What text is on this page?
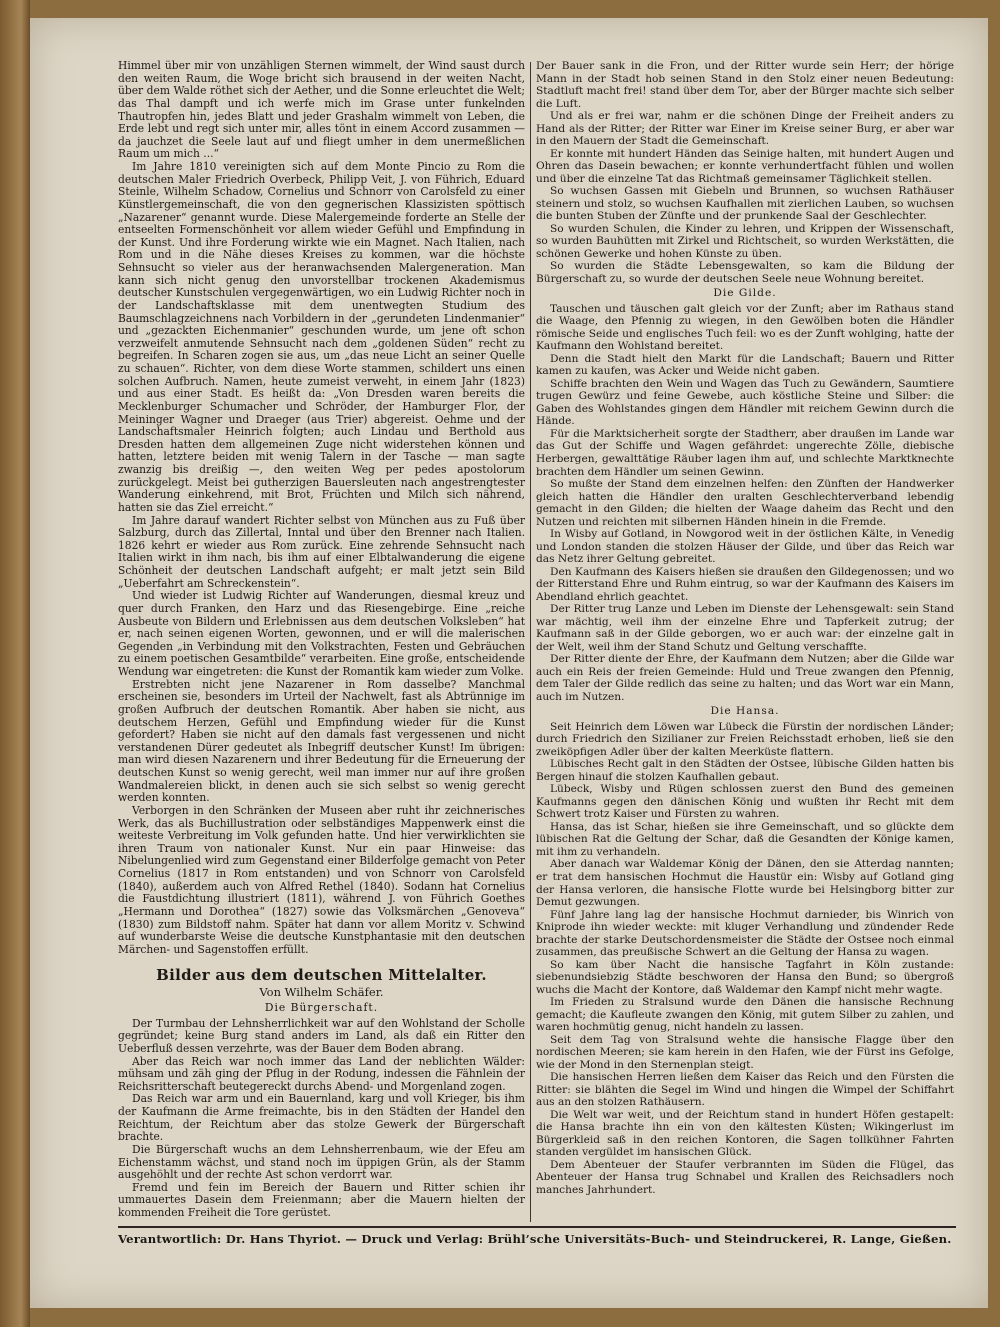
Himmel über mir von unzähligen Sternen wimmelt, der Wind saust durch den weiten Raum, die Woge bricht sich brausend in der weiten Nacht, über dem Walde röthet sich der Aether, und die Sonne erleuchtet die Welt; das Thal dampft und ich werfe mich im Grase unter funkelnden Thautropfen hin, jedes Blatt und jeder Grashalm wimmelt von Leben, die Erde lebt und regt sich unter mir, alles tönt in einem Accord zusammen — da jauchzet die Seele laut auf und fliegt umher in dem unermeßlichen Raum um mich ...“

Im Jahre 1810 vereinigten sich auf dem Monte Pincio zu Rom die deutschen Maler Friedrich Overbeck, Philipp Veit, J. von Führich, Eduard Steinle, Wilhelm Schadow, Cornelius und Schnorr von Carolsfeld zu einer Künstlergemeinschaft, die von den gegnerischen Klassizisten spöttisch „Nazarener“ genannt wurde. Diese Malergemeinde forderte an Stelle der entseelten Formenschönheit vor allem wieder Gefühl und Empfindung in der Kunst. Und ihre Forderung wirkte wie ein Magnet. Nach Italien, nach Rom und in die Nähe dieses Kreises zu kommen, war die höchste Sehnsucht so vieler aus der heranwachsenden Malergeneration. Man kann sich nicht genug den unvorstellbar trockenen Akademismus deutscher Kunstschulen vergegenwärtigen, wo ein Ludwig Richter noch in der Landschaftsklasse mit dem unentwegten Studium des Baumschlagzeichnens nach Vorbildern in der „gerundeten Lindenmanier“ und „gezackten Eichenmanier“ geschunden wurde, um jene oft schon verzweifelt anmutende Sehnsucht nach dem „goldenen Süden“ recht zu begreifen. In Scharen zogen sie aus, um „das neue Licht an seiner Quelle zu schauen“. Richter, von dem diese Worte stammen, schildert uns einen solchen Aufbruch. Namen, heute zumeist verweht, in einem Jahr (1823) und aus einer Stadt. Es heißt da: „Von Dresden waren bereits die Mecklenburger Schumacher und Schröder, der Hamburger Flor, der Meininger Wagner und Draeger (aus Trier) abgereist. Oehme und der Landschaftsmaler Heinrich folgten; auch Lindau und Berthold aus Dresden hatten dem allgemeinen Zuge nicht widerstehen können und hatten, letztere beiden mit wenig Talern in der Tasche — man sagte zwanzig bis dreißig —, den weiten Weg per pedes apostolorum zurückgelegt. Meist bei gutherzigen Bauersleuten nach angestrengtester Wanderung einkehrend, mit Brot, Früchten und Milch sich nährend, hatten sie das Ziel erreicht.“

Im Jahre darauf wandert Richter selbst von München aus zu Fuß über Salzburg, durch das Zillertal, Inntal und über den Brenner nach Italien. 1826 kehrt er wieder aus Rom zurück. Eine zehrende Sehnsucht nach Italien wirkt in ihm nach, bis ihm auf einer Elbtalwanderung die eigene Schönheit der deutschen Landschaft aufgeht; er malt jetzt sein Bild „Ueberfahrt am Schreckenstein“.

Und wieder ist Ludwig Richter auf Wanderungen, diesmal kreuz und quer durch Franken, den Harz und das Riesengebirge. Eine „reiche Ausbeute von Bildern und Erlebnissen aus dem deutschen Volksleben“ hat er, nach seinen eigenen Worten, gewonnen, und er will die malerischen Gegenden „in Verbindung mit den Volkstrachten, Festen und Gebräuchen zu einem poetischen Gesamtbilde“ verarbeiten. Eine große, entscheidende Wendung war eingetreten: die Kunst der Romantik kam wieder zum Volke.

Erstrebten nicht jene Nazarener in Rom dasselbe? Manchmal erscheinen sie, besonders im Urteil der Nachwelt, fast als Abtrünnige im großen Aufbruch der deutschen Romantik. Aber haben sie nicht, aus deutschem Herzen, Gefühl und Empfindung wieder für die Kunst gefordert? Haben sie nicht auf den damals fast vergessenen und nicht verstandenen Dürer gedeutet als Inbegriff deutscher Kunst! Im übrigen: man wird diesen Nazarenern und ihrer Bedeutung für die Erneuerung der deutschen Kunst so wenig gerecht, weil man immer nur auf ihre großen Wandmalereien blickt, in denen auch sie sich selbst so wenig gerecht werden konnten.

Verborgen in den Schränken der Museen aber ruht ihr zeichnerisches Werk, das als Buchillustration oder selbständiges Mappenwerk einst die weiteste Verbreitung im Volk gefunden hatte. Und hier verwirklichten sie ihren Traum von nationaler Kunst. Nur ein paar Hinweise: das Nibelungenlied wird zum Gegenstand einer Bilderfolge gemacht von Peter Cornelius (1817 in Rom entstanden) und von Schnorr von Carolsfeld (1840), außerdem auch von Alfred Rethel (1840). Sodann hat Cornelius die Faustdichtung illustriert (1811), während J. von Führich Goethes „Hermann und Dorothea“ (1827) sowie das Volksmärchen „Genoveva“ (1830) zum Bildstoff nahm. Später hat dann vor allem Moritz v. Schwind auf wunderbarste Weise die deutsche Kunstphantasie mit den deutschen Märchen- und Sagenstoffen erfüllt.

Bilder aus dem deutschen Mittelalter.
Von Wilhelm Schäfer.
Die Bürgerschaft.

Der Turmbau der Lehnsherrlichkeit war auf den Wohlstand der Scholle gegründet; keine Burg stand anders im Land, als daß ein Ritter den Ueberfluß dessen verzehrte, was der Bauer dem Boden abrang.

Aber das Reich war noch immer das Land der neblichten Wälder: mühsam und zäh ging der Pflug in der Rodung, indessen die Fähnlein der Reichsritterschaft beutegereckt durchs Abend- und Morgenland zogen.

Das Reich war arm und ein Bauernland, karg und voll Krieger, bis ihm der Kaufmann die Arme freimachte, bis in den Städten der Handel den Reichtum, der Reichtum aber das stolze Gewerk der Bürgerschaft brachte.

Die Bürgerschaft wuchs an dem Lehnsherrenbaum, wie der Efeu am Eichenstamm wächst, und stand noch im üppigen Grün, als der Stamm ausgehöhlt und der rechte Ast schon verdorrt war.

Fremd und fein im Bereich der Bauern und Ritter schien ihr ummauertes Dasein dem Freienmann; aber die Mauern hielten der kommenden Freiheit die Tore gerüstet.

Der Bauer sank in die Fron, und der Ritter wurde sein Herr; der hörige Mann in der Stadt hob seinen Stand in den Stolz einer neuen Bedeutung: Stadtluft macht frei! stand über dem Tor, aber der Bürger machte sich selber die Luft.

Und als er frei war, nahm er die schönen Dinge der Freiheit anders zu Hand als der Ritter; der Ritter war Einer im Kreise seiner Burg, er aber war in den Mauern der Stadt die Gemeinschaft.

Er konnte mit hundert Händen das Seinige halten, mit hundert Augen und Ohren das Dasein bewachen; er konnte verhundertfacht fühlen und wollen und über die einzelne Tat das Richtmaß gemeinsamer Täglichkeit stellen.

So wuchsen Gassen mit Giebeln und Brunnen, so wuchsen Rathäuser steinern und stolz, so wuchsen Kaufhallen mit zierlichen Lauben, so wuchsen die bunten Stuben der Zünfte und der prunkende Saal der Geschlechter.

So wurden Schulen, die Kinder zu lehren, und Krippen der Wissenschaft, so wurden Bauhütten mit Zirkel und Richtscheit, so wurden Werkstätten, die schönen Gewerke und hohen Künste zu üben.

So wurden die Städte Lebensgewalten, so kam die Bildung der Bürgerschaft zu, so wurde der deutschen Seele neue Wohnung bereitet.

Die Gilde.

Tauschen und täuschen galt gleich vor der Zunft; aber im Rathaus stand die Waage, den Pfennig zu wiegen, in den Gewölben boten die Händler römische Seide und englisches Tuch feil: wo es der Zunft wohlging, hatte der Kaufmann den Wohlstand bereitet.

Denn die Stadt hielt den Markt für die Landschaft; Bauern und Ritter kamen zu kaufen, was Acker und Weide nicht gaben.

Schiffe brachten den Wein und Wagen das Tuch zu Gewändern, Saumtiere trugen Gewürz und feine Gewebe, auch köstliche Steine und Silber: die Gaben des Wohlstandes gingen dem Händler mit reichem Gewinn durch die Hände.

Für die Marktsicherheit sorgte der Stadtherr, aber draußen im Lande war das Gut der Schiffe und Wagen gefährdet: ungerechte Zölle, diebische Herbergen, gewalttätige Räuber lagen ihm auf, und schlechte Marktknechte brachten dem Händler um seinen Gewinn.

So mußte der Stand dem einzelnen helfen: den Zünften der Handwerker gleich hatten die Händler den uralten Geschlechterverband lebendig gemacht in den Gilden; die hielten der Waage daheim das Recht und den Nutzen und reichten mit silbernen Händen hinein in die Fremde.

In Wisby auf Gotland, in Nowgorod weit in der östlichen Kälte, in Venedig und London standen die stolzen Häuser der Gilde, und über das Reich war das Netz ihrer Geltung gebreitet.

Den Kaufmann des Kaisers hießen sie draußen den Gildegenossen; und wo der Ritterstand Ehre und Ruhm eintrug, so war der Kaufmann des Kaisers im Abendland ehrlich geachtet.

Der Ritter trug Lanze und Leben im Dienste der Lehensgewalt: sein Stand war mächtig, weil ihm der einzelne Ehre und Tapferkeit zutrug; der Kaufmann saß in der Gilde geborgen, wo er auch war: der einzelne galt in der Welt, weil ihm der Stand Schutz und Geltung verschaffte.

Der Ritter diente der Ehre, der Kaufmann dem Nutzen; aber die Gilde war auch ein Reis der freien Gemeinde: Huld und Treue zwangen den Pfennig, dem Taler der Gilde redlich das seine zu halten; und das Wort war ein Mann, auch im Nutzen.

Die Hansa.

Seit Heinrich dem Löwen war Lübeck die Fürstin der nordischen Länder; durch Friedrich den Sizilianer zur Freien Reichsstadt erhoben, ließ sie den zweiköpfigen Adler über der kalten Meerküste flattern.

Lübisches Recht galt in den Städten der Ostsee, lübische Gilden hatten bis Bergen hinauf die stolzen Kaufhallen gebaut.

Lübeck, Wisby und Rügen schlossen zuerst den Bund des gemeinen Kaufmanns gegen den dänischen König und wußten ihr Recht mit dem Schwert trotz Kaiser und Fürsten zu wahren.

Hansa, das ist Schar, hießen sie ihre Gemeinschaft, und so glückte dem lübischen Rat die Geltung der Schar, daß die Gesandten der Könige kamen, mit ihm zu verhandeln.

Aber danach war Waldemar König der Dänen, den sie Atterdag nannten; er trat dem hansischen Hochmut die Haustür ein: Wisby auf Gotland ging der Hansa verloren, die hansische Flotte wurde bei Helsingborg bitter zur Demut gezwungen.

Fünf Jahre lang lag der hansische Hochmut darnieder, bis Winrich von Kniprode ihn wieder weckte: mit kluger Verhandlung und zündender Rede brachte der starke Deutschordensmeister die Städte der Ostsee noch einmal zusammen, das preußische Schwert an die Geltung der Hansa zu wagen.

So kam über Nacht die hansische Tagfahrt in Köln zustande: siebenundsiebzig Städte beschworen der Hansa den Bund; so übergroß wuchs die Macht der Kontore, daß Waldemar den Kampf nicht mehr wagte.

Im Frieden zu Stralsund wurde den Dänen die hansische Rechnung gemacht; die Kaufleute zwangen den König, mit gutem Silber zu zahlen, und waren hochmütig genug, nicht handeln zu lassen.

Seit dem Tag von Stralsund wehte die hansische Flagge über den nordischen Meeren; sie kam herein in den Hafen, wie der Fürst ins Gefolge, wie der Mond in den Sternenplan steigt.

Die hansischen Herren ließen dem Kaiser das Reich und den Fürsten die Ritter: sie blähten die Segel im Wind und hingen die Wimpel der Schiffahrt aus an den stolzen Rathäusern.

Die Welt war weit, und der Reichtum stand in hundert Höfen gestapelt: die Hansa brachte ihn ein von den kältesten Küsten; Wikingerlust im Bürgerkleid saß in den reichen Kontoren, die Sagen tollkühner Fahrten standen vergüldet im hansischen Glück.

Dem Abenteuer der Staufer verbrannten im Süden die Flügel, das Abenteuer der Hansa trug Schnabel und Krallen des Reichsadlers noch manches Jahrhundert.

Verantwortlich: Dr. Hans Thyriot. — Druck und Verlag: Brühl’sche Universitäts-Buch- und Steindruckerei, R. Lange, Gießen.
